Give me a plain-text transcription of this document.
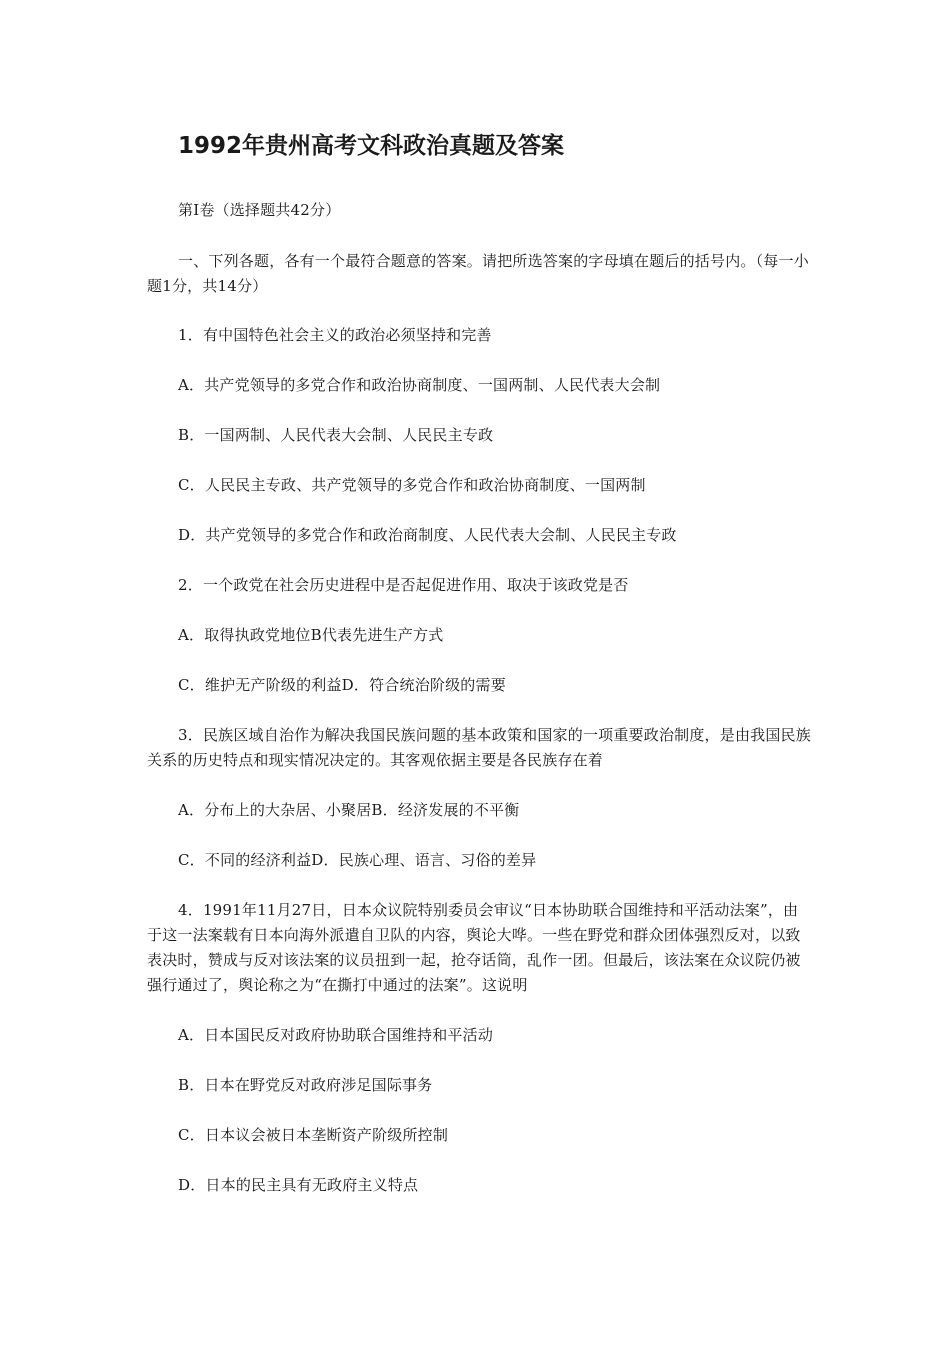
1992年贵州高考文科政治真题及答案

第I卷（选择题共42分）

一、下列各题，各有一个最符合题意的答案。请把所选答案的字母填在题后的括号内。（每一小题1分，共14分）

1．有中国特色社会主义的政治必须坚持和完善

A．共产党领导的多党合作和政治协商制度、一国两制、人民代表大会制

B．一国两制、人民代表大会制、人民民主专政

C．人民民主专政、共产党领导的多党合作和政治协商制度、一国两制

D．共产党领导的多党合作和政治商制度、人民代表大会制、人民民主专政

2．一个政党在社会历史进程中是否起促进作用、取决于该政党是否

A．取得执政党地位B代表先进生产方式

C．维护无产阶级的利益D．符合统治阶级的需要

3．民族区域自治作为解决我国民族问题的基本政策和国家的一项重要政治制度，是由我国民族关系的历史特点和现实情况决定的。其客观依据主要是各民族存在着

A．分布上的大杂居、小聚居B．经济发展的不平衡

C．不同的经济利益D．民族心理、语言、习俗的差异

4．1991年11月27日，日本众议院特别委员会审议“日本协助联合国维持和平活动法案”，由于这一法案载有日本向海外派遣自卫队的内容，舆论大哗。一些在野党和群众团体强烈反对，以致表决时，赞成与反对该法案的议员扭到一起，抢夺话筒，乱作一团。但最后，该法案在众议院仍被强行通过了，舆论称之为“在撕打中通过的法案”。这说明

A．日本国民反对政府协助联合国维持和平活动

B．日本在野党反对政府涉足国际事务

C．日本议会被日本垄断资产阶级所控制

D．日本的民主具有无政府主义特点
